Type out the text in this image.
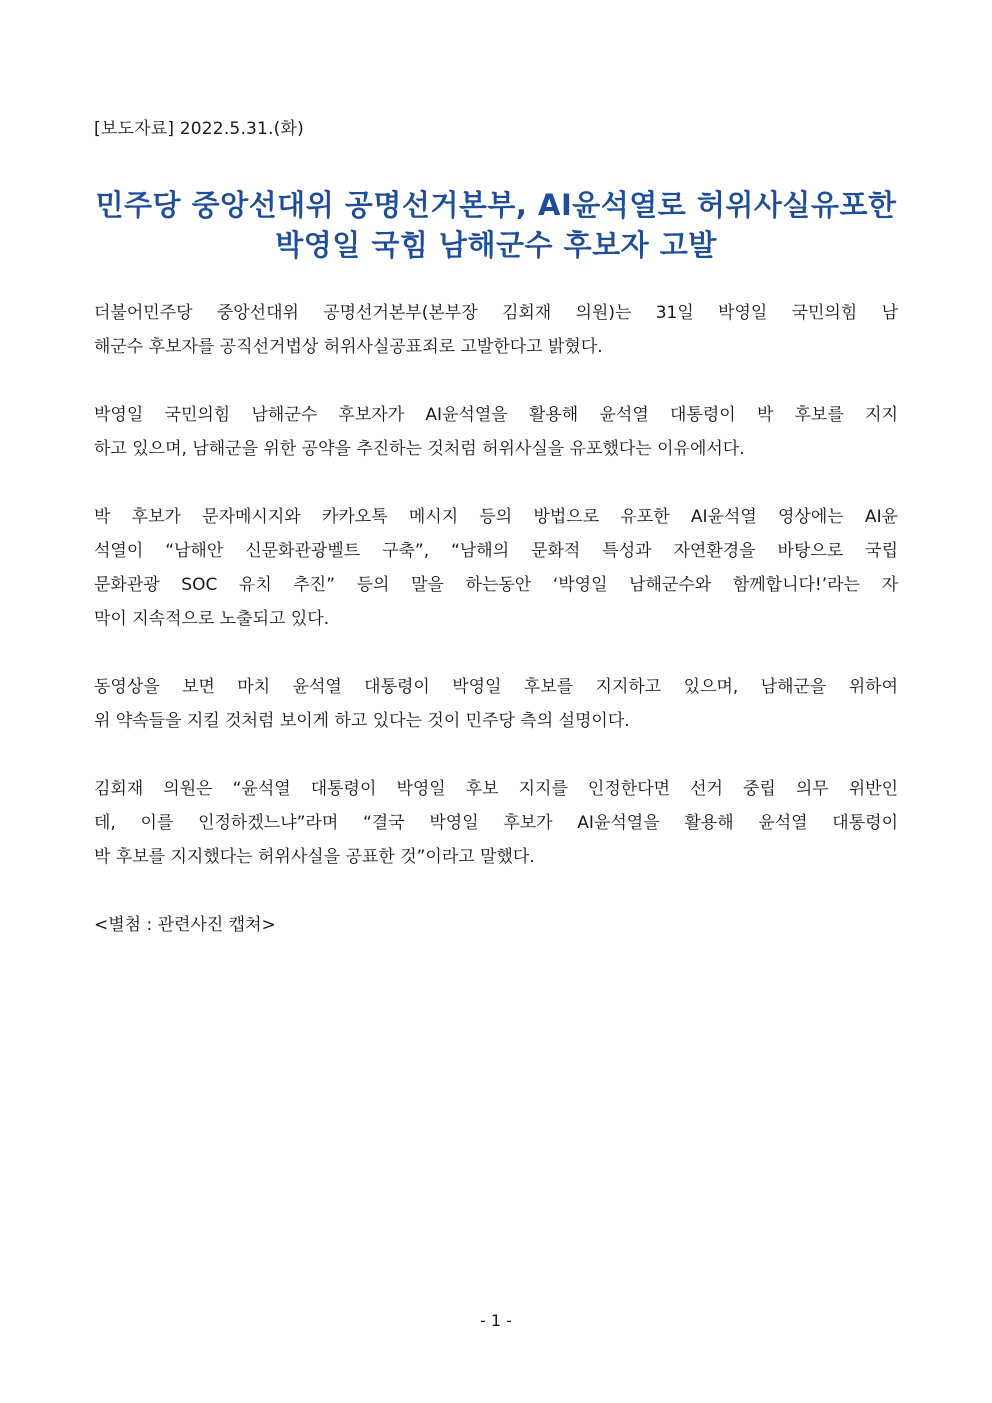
[보도자료] 2022.5.31.(화)
민주당 중앙선대위 공명선거본부, AI윤석열로 허위사실유포한
박영일 국힘 남해군수 후보자 고발
더불어민주당 중앙선대위 공명선거본부(본부장 김회재 의원)는 31일 박영일 국민의힘 남
해군수 후보자를 공직선거법상 허위사실공표죄로 고발한다고 밝혔다.
박영일 국민의힘 남해군수 후보자가 AI윤석열을 활용해 윤석열 대통령이 박 후보를 지지
하고 있으며, 남해군을 위한 공약을 추진하는 것처럼 허위사실을 유포했다는 이유에서다.
박 후보가 문자메시지와 카카오톡 메시지 등의 방법으로 유포한 AI윤석열 영상에는 AI윤
석열이 “남해안 신문화관광벨트 구축”, “남해의 문화적 특성과 자연환경을 바탕으로 국립
문화관광 SOC 유치 추진” 등의 말을 하는동안 ‘박영일 남해군수와 함께합니다!’라는 자
막이 지속적으로 노출되고 있다.
동영상을 보면 마치 윤석열 대통령이 박영일 후보를 지지하고 있으며, 남해군을 위하여
위 약속들을 지킬 것처럼 보이게 하고 있다는 것이 민주당 측의 설명이다.
김회재 의원은 “윤석열 대통령이 박영일 후보 지지를 인정한다면 선거 중립 의무 위반인
데, 이를 인정하겠느냐”라며 “결국 박영일 후보가 AI윤석열을 활용해 윤석열 대통령이
박 후보를 지지했다는 허위사실을 공표한 것”이라고 말했다.
<별첨 : 관련사진 캡쳐>
- 1 -
